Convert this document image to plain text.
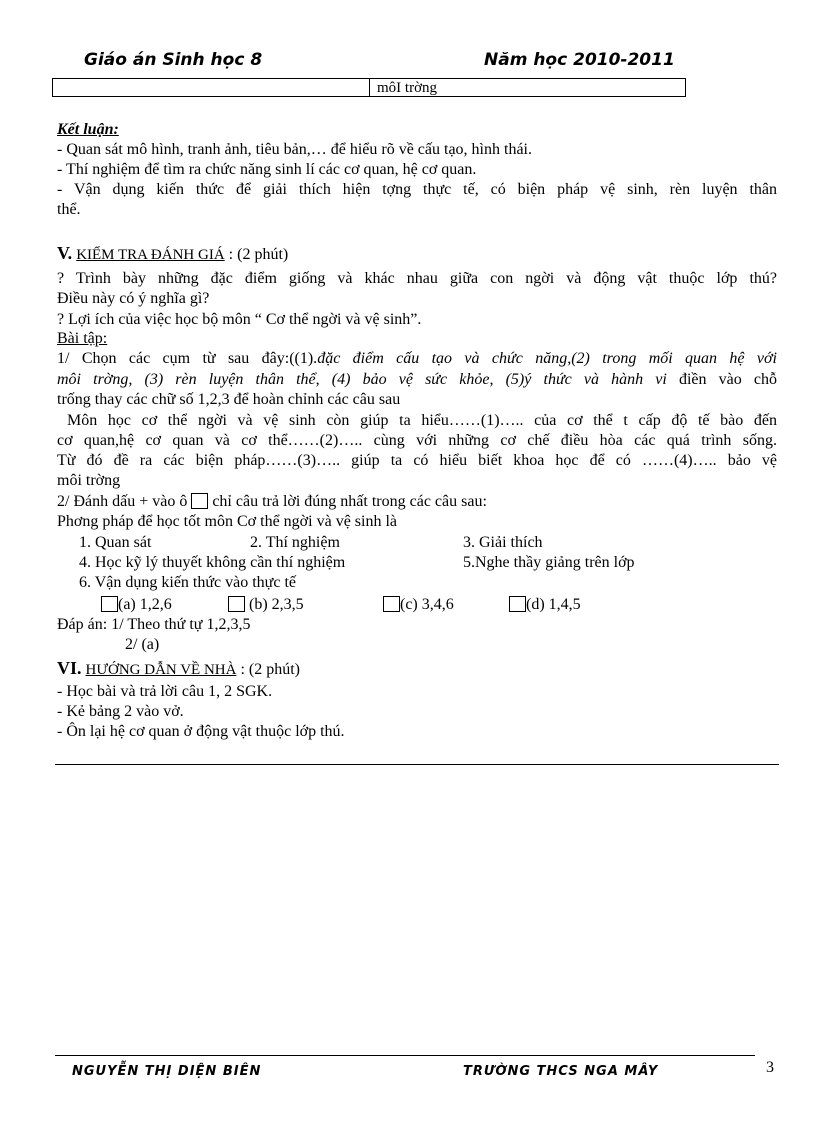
Giáo án Sinh học 8	Năm học 2010-2011
môI trờng
Kết luận:
- Quan sát mô hình, tranh ảnh, tiêu bản,… để hiểu rõ về cấu tạo, hình thái.
- Thí nghiệm để tìm ra chức năng sinh lí các cơ quan, hệ cơ quan.
- Vận dụng kiến thức để giải thích hiện tợng thực tế, có biện pháp vệ sinh, rèn luyện thân
thể.
V. KIỂM TRA ĐÁNH GIÁ : (2 phút)
? Trình bày những đặc điểm giống và khác nhau giữa con ngời và động vật thuộc lớp thú?
Điều này có ý nghĩa gì?
? Lợi ích của việc học bộ môn “ Cơ thể ngời và vệ sinh”.
Bài tập:
1/ Chọn các cụm từ sau đây:((1).đặc điểm cấu tạo và chức năng,(2) trong mối quan hệ với
môi trờng, (3) rèn luyện thân thể, (4) bảo vệ sức khỏe, (5)ý thức và hành vi điền vào chỗ
trống thay các chữ số 1,2,3 để hoàn chỉnh các câu sau
Môn học cơ thể ngời và vệ sinh còn giúp ta hiểu……(1)….. của cơ thể t cấp độ tế bào đến
cơ quan,hệ cơ quan và cơ thể……(2)….. cùng với những cơ chế điều hòa các quá trình sống.
Từ đó đề ra các biện pháp……(3)….. giúp ta có hiểu biết khoa học để có ……(4)….. bảo vệ
môi trờng
2/ Đánh dấu + vào ô  chỉ câu trả lời đúng nhất trong các câu sau:
Phơng pháp để học tốt môn Cơ thể ngời và vệ sinh là
1. Quan sát	2. Thí nghiệm	3. Giải thích
4. Học kỹ lý thuyết không cần thí nghiệm	5.Nghe thầy giảng trên lớp
6. Vận dụng kiến thức vào thực tế
(a) 1,2,6	(b) 2,3,5	(c) 3,4,6	(d) 1,4,5
Đáp án: 1/ Theo thứ tự 1,2,3,5
2/ (a)
VI. HƯỚNG DẪN VỀ NHÀ : (2 phút)
- Học bài và trả lời câu 1, 2 SGK.
- Kẻ bảng 2 vào vở.
- Ôn lại hệ cơ quan ở động vật thuộc lớp thú.
NGUYỄN THỊ DIỆN BIÊN	TRƯỜNG THCS NGA MÂY	3
